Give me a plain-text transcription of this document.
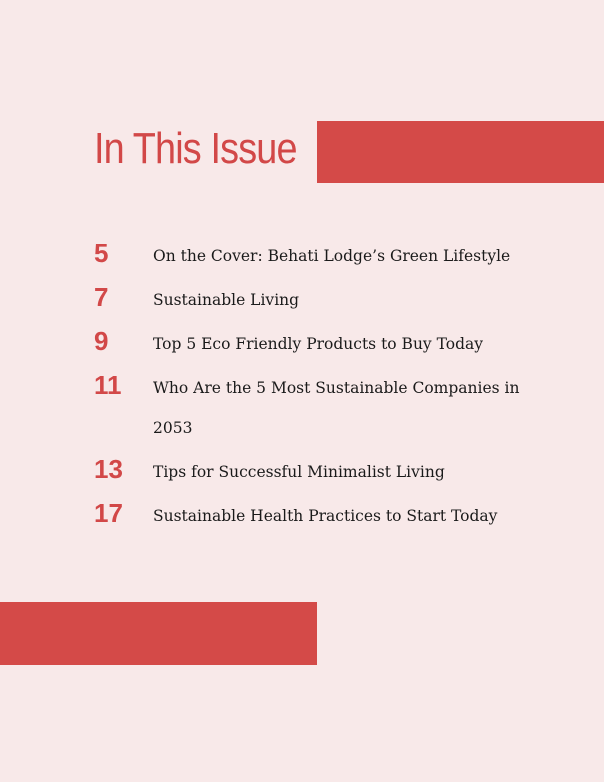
In This Issue
5	On the Cover: Behati Lodge’s Green Lifestyle
7	Sustainable Living
9	Top 5 Eco Friendly Products to Buy Today
11	Who Are the 5 Most Sustainable Companies in 2053
13	Tips for Successful Minimalist Living
17	Sustainable Health Practices to Start Today
